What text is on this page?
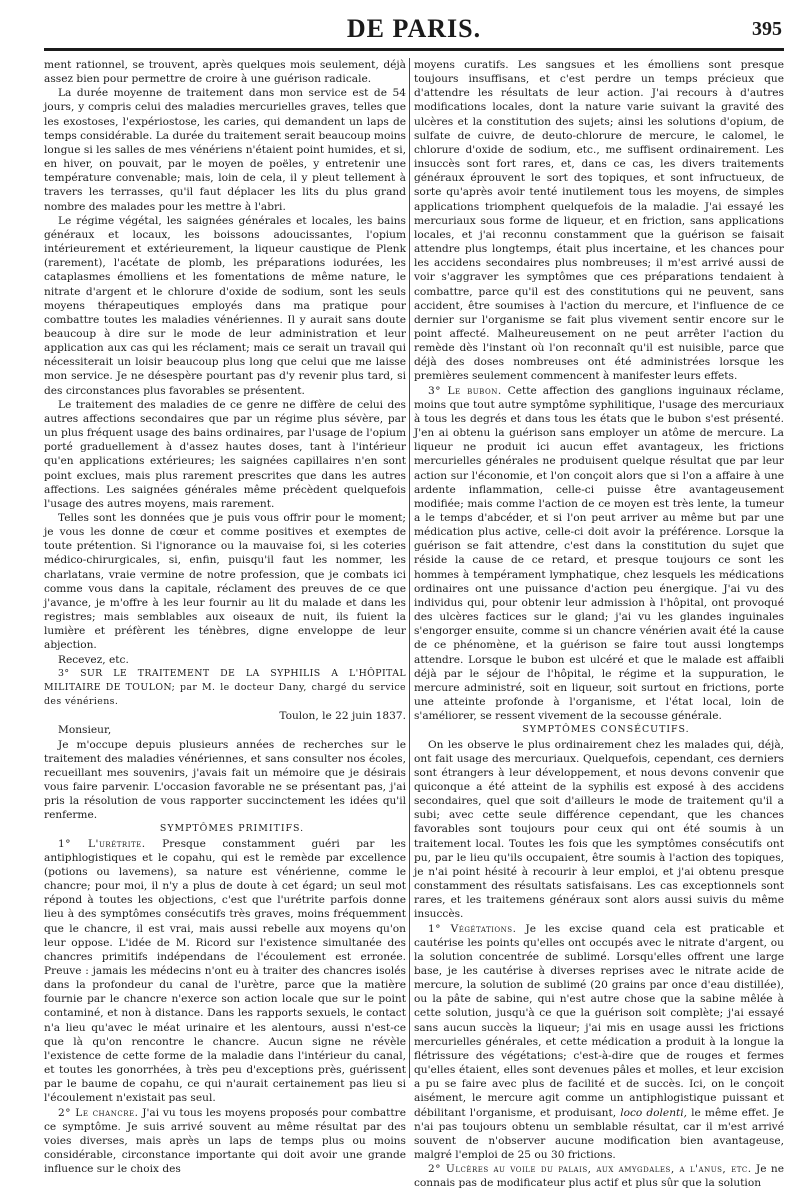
DE PARIS.	395

ment rationnel, se trouvent, après quelques mois seulement, déjà assez bien pour permettre de croire à une guérison radicale.

La durée moyenne de traitement dans mon service est de 54 jours, y compris celui des maladies mercurielles graves, telles que les exostoses, l'expériostose, les caries, qui demandent un laps de temps considérable. La durée du traitement serait beaucoup moins longue si les salles de mes vénériens n'étaient point humides, et si, en hiver, on pouvait, par le moyen de poëles, y entretenir une température convenable; mais, loin de cela, il y pleut tellement à travers les terrasses, qu'il faut déplacer les lits du plus grand nombre des malades pour les mettre à l'abri.

Le régime végétal, les saignées générales et locales, les bains généraux et locaux, les boissons adoucissantes, l'opium intérieurement et extérieurement, la liqueur caustique de Plenk (rarement), l'acétate de plomb, les préparations iodurées, les cataplasmes émolliens et les fomentations de même nature, le nitrate d'argent et le chlorure d'oxide de sodium, sont les seuls moyens thérapeutiques employés dans ma pratique pour combattre toutes les maladies vénériennes. Il y aurait sans doute beaucoup à dire sur le mode de leur administration et leur application aux cas qui les réclament; mais ce serait un travail qui nécessiterait un loisir beaucoup plus long que celui que me laisse mon service. Je ne désespère pourtant pas d'y revenir plus tard, si des circonstances plus favorables se présentent.

Le traitement des maladies de ce genre ne diffère de celui des autres affections secondaires que par un régime plus sévère, par un plus fréquent usage des bains ordinaires, par l'usage de l'opium porté graduellement à d'assez hautes doses, tant à l'intérieur qu'en applications extérieures; les saignées capillaires n'en sont point exclues, mais plus rarement prescrites que dans les autres affections. Les saignées générales même précèdent quelquefois l'usage des autres moyens, mais rarement.

Telles sont les données que je puis vous offrir pour le moment; je vous les donne de cœur et comme positives et exemptes de toute prétention. Si l'ignorance ou la mauvaise foi, si les coteries médico-chirurgicales, si, enfin, puisqu'il faut les nommer, les charlatans, vraie vermine de notre profession, que je combats ici comme vous dans la capitale, réclament des preuves de ce que j'avance, je m'offre à les leur fournir au lit du malade et dans les registres; mais semblables aux oiseaux de nuit, ils fuient la lumière et préfèrent les ténèbres, digne enveloppe de leur abjection.

Recevez, etc.

3° SUR LE TRAITEMENT DE LA SYPHILIS A L'HÔPITAL MILITAIRE DE TOULON; par M. le docteur Dany, chargé du service des vénériens.

Toulon, le 22 juin 1837.

Monsieur,

Je m'occupe depuis plusieurs années de recherches sur le traitement des maladies vénériennes, et sans consulter nos écoles, recueillant mes souvenirs, j'avais fait un mémoire que je désirais vous faire parvenir. L'occasion favorable ne se présentant pas, j'ai pris la résolution de vous rapporter succinctement les idées qu'il renferme.

SYMPTÔMES PRIMITIFS.

1° L'urétrite. Presque constamment guéri par les antiphlogistiques et le copahu, qui est le remède par excellence (potions ou lavemens), sa nature est vénérienne, comme le chancre; pour moi, il n'y a plus de doute à cet égard; un seul mot répond à toutes les objections, c'est que l'urétrite parfois donne lieu à des symptômes consécutifs très graves, moins fréquemment que le chancre, il est vrai, mais aussi rebelle aux moyens qu'on leur oppose. L'idée de M. Ricord sur l'existence simultanée des chancres primitifs indépendans de l'écoulement est erronée. Preuve : jamais les médecins n'ont eu à traiter des chancres isolés dans la profondeur du canal de l'urètre, parce que la matière fournie par le chancre n'exerce son action locale que sur le point contaminé, et non à distance. Dans les rapports sexuels, le contact n'a lieu qu'avec le méat urinaire et les alentours, aussi n'est-ce que là qu'on rencontre le chancre. Aucun signe ne révèle l'existence de cette forme de la maladie dans l'intérieur du canal, et toutes les gonorrhées, à très peu d'exceptions près, guérissent par le baume de copahu, ce qui n'aurait certainement pas lieu si l'écoulement n'existait pas seul.

2° Le chancre. J'ai vu tous les moyens proposés pour combattre ce symptôme. Je suis arrivé souvent au même résultat par des voies diverses, mais après un laps de temps plus ou moins considérable, circonstance importante qui doit avoir une grande influence sur le choix des

moyens curatifs. Les sangsues et les émolliens sont presque toujours insuffisans, et c'est perdre un temps précieux que d'attendre les résultats de leur action. J'ai recours à d'autres modifications locales, dont la nature varie suivant la gravité des ulcères et la constitution des sujets; ainsi les solutions d'opium, de sulfate de cuivre, de deuto-chlorure de mercure, le calomel, le chlorure d'oxide de sodium, etc., me suffisent ordinairement. Les insuccès sont fort rares, et, dans ce cas, les divers traitements généraux éprouvent le sort des topiques, et sont infructueux, de sorte qu'après avoir tenté inutilement tous les moyens, de simples applications triomphent quelquefois de la maladie. J'ai essayé les mercuriaux sous forme de liqueur, et en friction, sans applications locales, et j'ai reconnu constamment que la guérison se faisait attendre plus longtemps, était plus incertaine, et les chances pour les accidens secondaires plus nombreuses; il m'est arrivé aussi de voir s'aggraver les symptômes que ces préparations tendaient à combattre, parce qu'il est des constitutions qui ne peuvent, sans accident, être soumises à l'action du mercure, et l'influence de ce dernier sur l'organisme se fait plus vivement sentir encore sur le point affecté. Malheureusement on ne peut arrêter l'action du remède dès l'instant où l'on reconnaît qu'il est nuisible, parce que déjà des doses nombreuses ont été administrées lorsque les premières seulement commencent à manifester leurs effets.

3° Le bubon. Cette affection des ganglions inguinaux réclame, moins que tout autre symptôme syphilitique, l'usage des mercuriaux à tous les degrés et dans tous les états que le bubon s'est présenté. J'en ai obtenu la guérison sans employer un atôme de mercure. La liqueur ne produit ici aucun effet avantageux, les frictions mercurielles générales ne produisent quelque résultat que par leur action sur l'économie, et l'on conçoit alors que si l'on a affaire à une ardente inflammation, celle-ci puisse être avantageusement modifiée; mais comme l'action de ce moyen est très lente, la tumeur a le temps d'abcéder, et si l'on peut arriver au même but par une médication plus active, celle-ci doit avoir la préférence. Lorsque la guérison se fait attendre, c'est dans la constitution du sujet que réside la cause de ce retard, et presque toujours ce sont les hommes à tempérament lymphatique, chez lesquels les médications ordinaires ont une puissance d'action peu énergique. J'ai vu des individus qui, pour obtenir leur admission à l'hôpital, ont provoqué des ulcères factices sur le gland; j'ai vu les glandes inguinales s'engorger ensuite, comme si un chancre vénérien avait été la cause de ce phénomène, et la guérison se faire tout aussi longtemps attendre. Lorsque le bubon est ulcéré et que le malade est affaibli déjà par le séjour de l'hôpital, le régime et la suppuration, le mercure administré, soit en liqueur, soit surtout en frictions, porte une atteinte profonde à l'organisme, et l'état local, loin de s'améliorer, se ressent vivement de la secousse générale.

SYMPTÔMES CONSÉCUTIFS.

On les observe le plus ordinairement chez les malades qui, déjà, ont fait usage des mercuriaux. Quelquefois, cependant, ces derniers sont étrangers à leur développement, et nous devons convenir que quiconque a été atteint de la syphilis est exposé à des accidens secondaires, quel que soit d'ailleurs le mode de traitement qu'il a subi; avec cette seule différence cependant, que les chances favorables sont toujours pour ceux qui ont été soumis à un traitement local. Toutes les fois que les symptômes consécutifs ont pu, par le lieu qu'ils occupaient, être soumis à l'action des topiques, je n'ai point hésité à recourir à leur emploi, et j'ai obtenu presque constamment des résultats satisfaisans. Les cas exceptionnels sont rares, et les traitemens généraux sont alors aussi suivis du même insuccès.

1° Végétations. Je les excise quand cela est praticable et cautérise les points qu'elles ont occupés avec le nitrate d'argent, ou la solution concentrée de sublimé. Lorsqu'elles offrent une large base, je les cautérise à diverses reprises avec le nitrate acide de mercure, la solution de sublimé (20 grains par once d'eau distillée), ou la pâte de sabine, qui n'est autre chose que la sabine mêlée à cette solution, jusqu'à ce que la guérison soit complète; j'ai essayé sans aucun succès la liqueur; j'ai mis en usage aussi les frictions mercurielles générales, et cette médication a produit à la longue la flétrissure des végétations; c'est-à-dire que de rouges et fermes qu'elles étaient, elles sont devenues pâles et molles, et leur excision a pu se faire avec plus de facilité et de succès. Ici, on le conçoit aisément, le mercure agit comme un antiphlogistique puissant et débilitant l'organisme, et produisant, loco dolenti, le même effet. Je n'ai pas toujours obtenu un semblable résultat, car il m'est arrivé souvent de n'observer aucune modification bien avantageuse, malgré l'emploi de 25 ou 30 frictions.

2° Ulcères au voile du palais, aux amygdales, a l'anus, etc. Je ne connais pas de modificateur plus actif et plus sûr que la solution
